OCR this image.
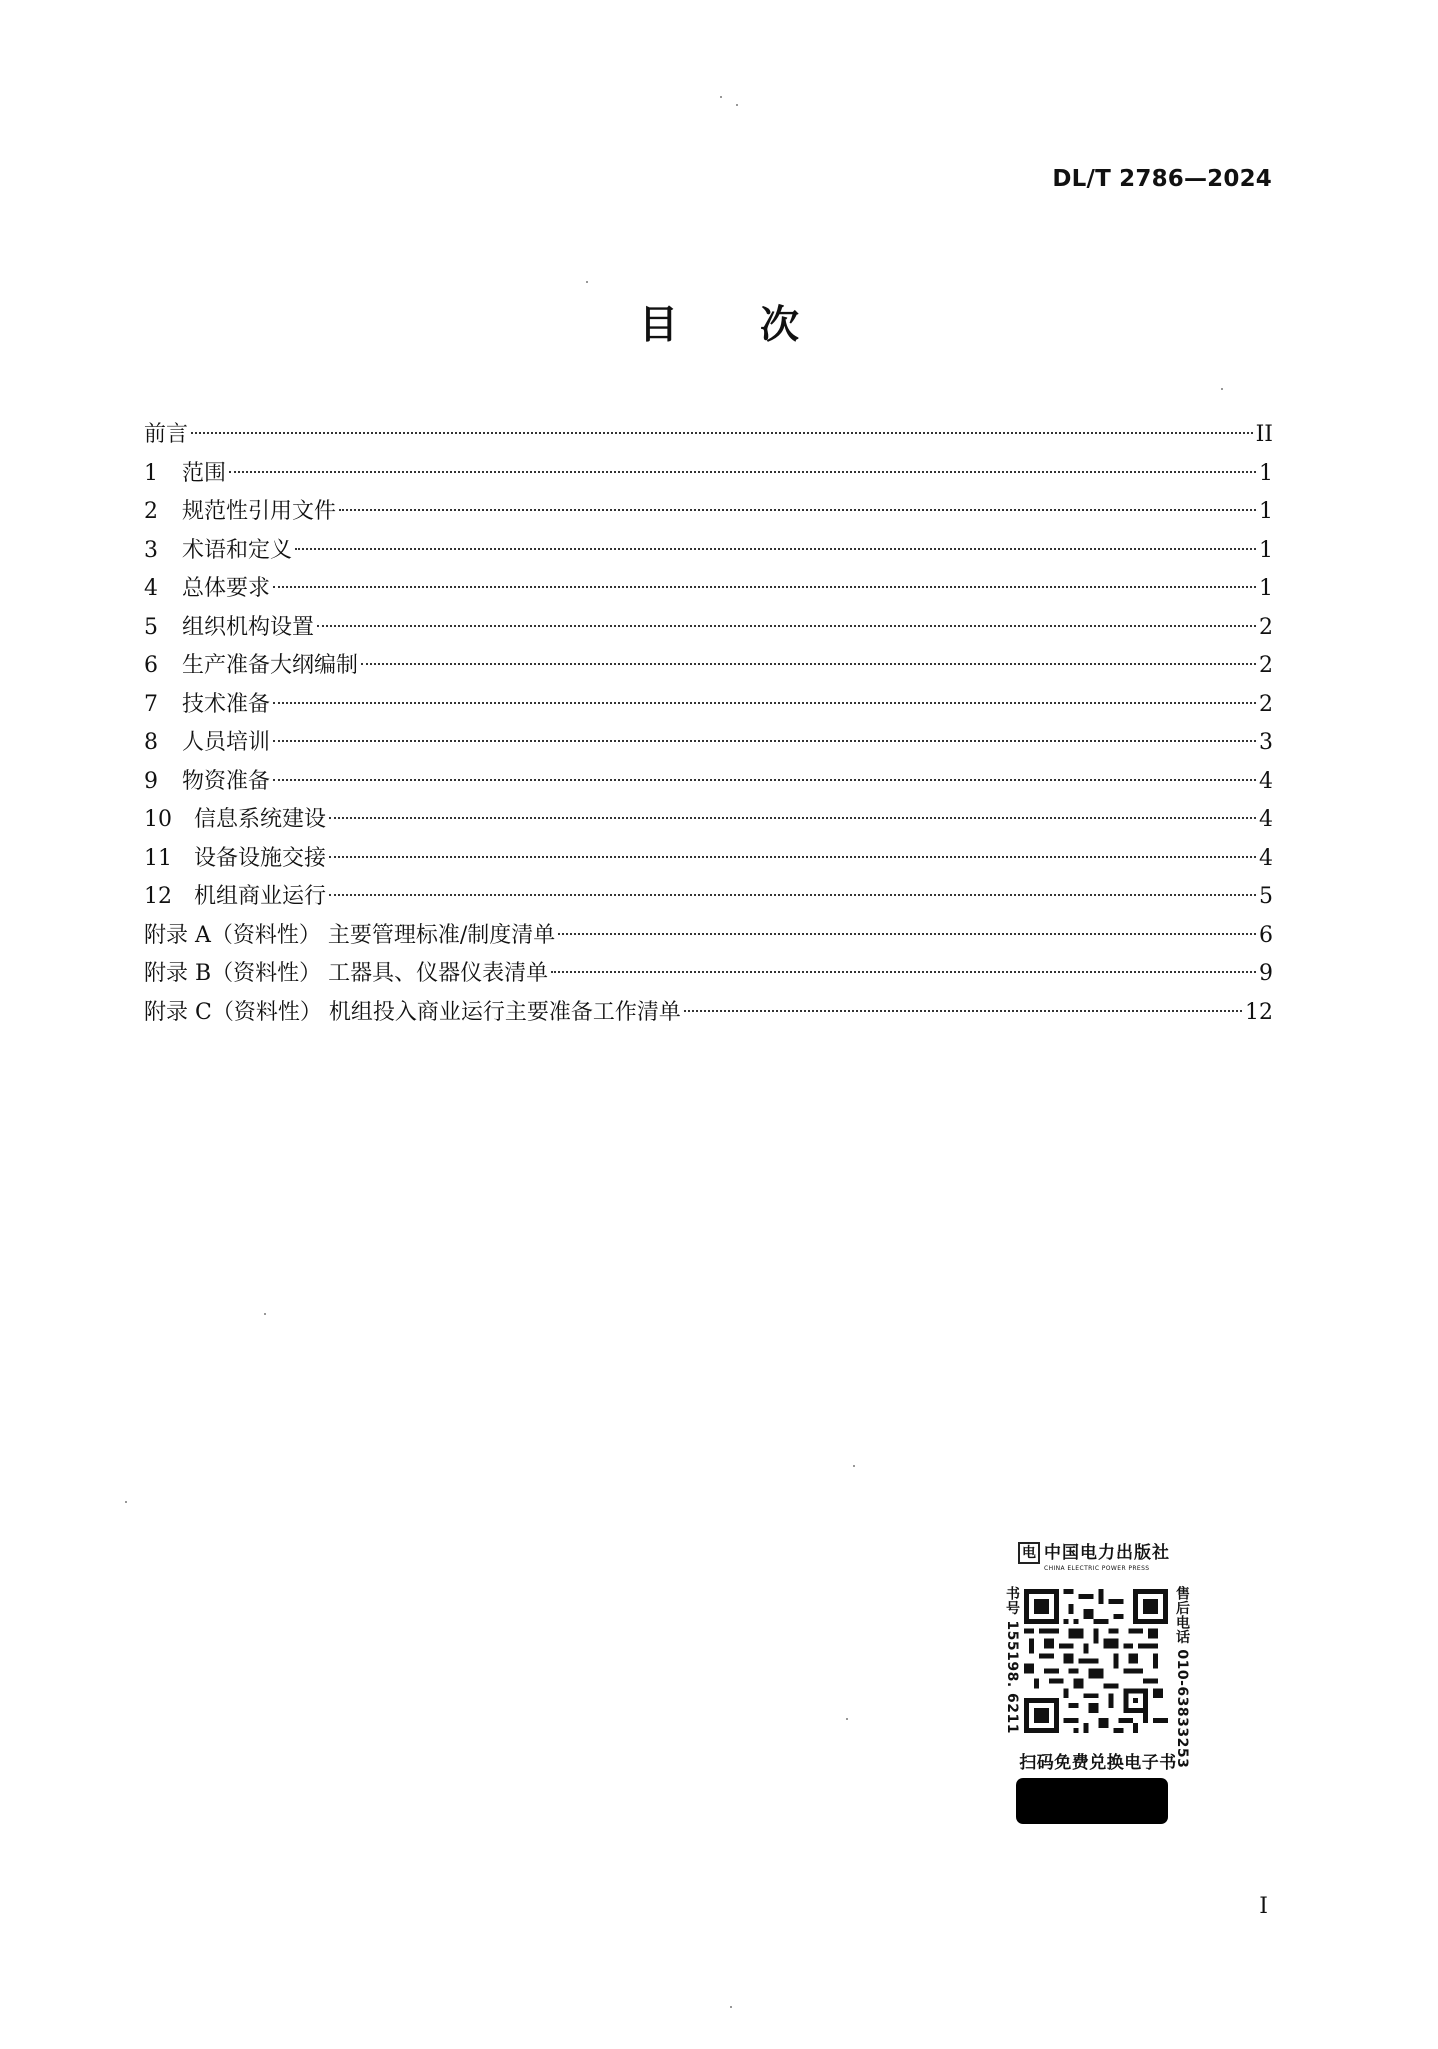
DL/T 2786—2024
目 次
前言	II
1 范围	1
2 规范性引用文件	1
3 术语和定义	1
4 总体要求	1
5 组织机构设置	2
6 生产准备大纲编制	2
7 技术准备	2
8 人员培训	3
9 物资准备	4
10 信息系统建设	4
11 设备设施交接	4
12 机组商业运行	5
附录 A（资料性） 主要管理标准/制度清单	6
附录 B（资料性） 工器具、仪器仪表清单	9
附录 C（资料性） 机组投入商业运行主要准备工作清单	12
电 中国电力出版社
CHINA ELECTRIC POWER PRESS
书号 155198. 6211	售后电话 010-63833253
扫码免费兑换电子书
I
